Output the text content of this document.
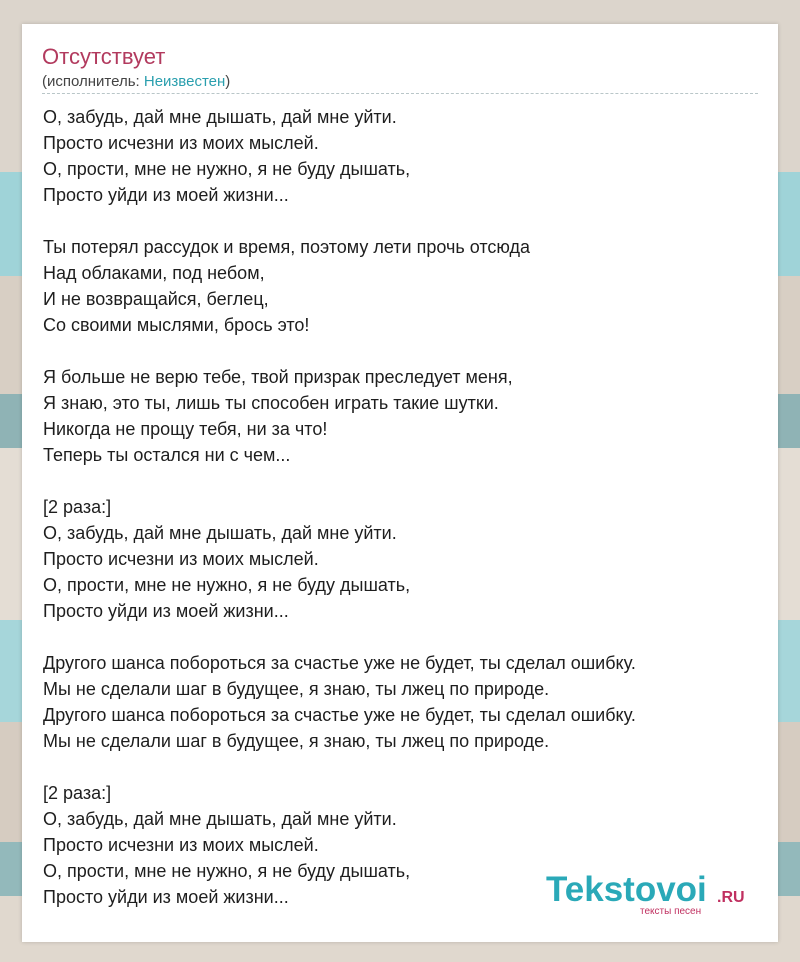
Отсутствует
(исполнитель: Неизвестен)
О, забудь, дай мне дышать, дай мне уйти.
Просто исчезни из моих мыслей.
О, прости, мне не нужно, я не буду дышать,
Просто уйди из моей жизни...
Ты потерял рассудок и время, поэтому лети прочь отсюда
Над облаками, под небом,
И не возвращайся, беглец,
Со своими мыслями, брось это!
Я больше не верю тебе, твой призрак преследует меня,
Я знаю, это ты, лишь ты способен играть такие шутки.
Никогда не прощу тебя, ни за что!
Теперь ты остался ни с чем...
[2 раза:]
О, забудь, дай мне дышать, дай мне уйти.
Просто исчезни из моих мыслей.
О, прости, мне не нужно, я не буду дышать,
Просто уйди из моей жизни...
Другого шанса побороться за счастье уже не будет, ты сделал ошибку.
Мы не сделали шаг в будущее, я знаю, ты лжец по природе.
Другого шанса побороться за счастье уже не будет, ты сделал ошибку.
Мы не сделали шаг в будущее, я знаю, ты лжец по природе.
[2 раза:]
О, забудь, дай мне дышать, дай мне уйти.
Просто исчезни из моих мыслей.
О, прости, мне не нужно, я не буду дышать,
Просто уйди из моей жизни...	Tekstovoi .RU
тексты песен
